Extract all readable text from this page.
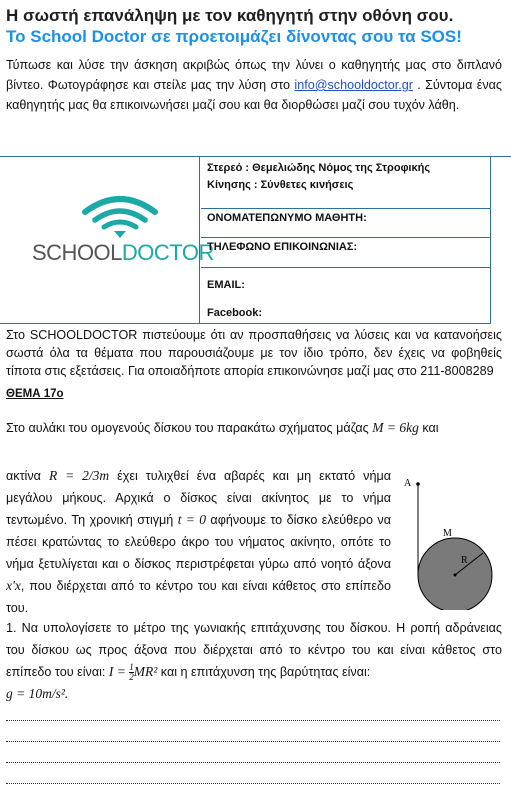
Η σωστή επανάληψη με τον καθηγητή στην οθόνη σου.
To School Doctor σε προετοιμάζει δίνοντας σου τα SOS!
Τύπωσε και λύσε την άσκηση ακριβώς όπως την λύνει ο καθηγητής μας στο διπλανό βίντεο. Φωτογράφησε και στείλε μας την λύση στο info@schooldoctor.gr . Σύντομα ένας καθηγητής μας θα επικοινωνήσει μαζί σου και θα διορθώσει μαζί σου τυχόν λάθη.
SCHOOLDOCTOR
Στερεό : Θεμελιώδης Νόμος της Στροφικής
Κίνησης : Σύνθετες κινήσεις
ΟΝΟΜΑΤΕΠΩΝΥΜΟ ΜΑΘΗΤΗ:
ΤΗΛΕΦΩΝΟ ΕΠΙΚΟΙΝΩΝΙΑΣ:
EMAIL:
Facebook:
Στο SCHOOLDOCTOR πιστεύουμε ότι αν προσπαθήσεις να λύσεις και να κατανοήσεις σωστά όλα τα θέματα που παρουσιάζουμε με τον ίδιο τρόπο, δεν έχεις να φοβηθείς τίποτα στις εξετάσεις. Για οποιαδήποτε απορία επικοινώνησε μαζί μας στο 211-8008289
ΘΕΜΑ 17ο
Στο αυλάκι του ομογενούς δίσκου του παρακάτω σχήματος μάζας M = 6kg και
ακτίνα R = 2/3m έχει τυλιχθεί ένα αβαρές και μη εκτατό νήμα μεγάλου μήκους. Αρχικά ο δίσκος είναι ακίνητος με το νήμα τεντωμένο. Τη χρονική στιγμή t = 0 αφήνουμε το δίσκο ελεύθερο να πέσει κρατώντας το ελεύθερο άκρο του νήματος ακίνητο, οπότε το νήμα ξετυλίγεται και ο δίσκος περιστρέφεται γύρω από νοητό άξονα x'x, που διέρχεται από το κέντρο του και είναι κάθετος στο επίπεδο του.
Α
Μ
R
1. Να υπολογίσετε το μέτρο της γωνιακής επιτάχυνσης του δίσκου. Η ροπή αδράνειας του δίσκου ως προς άξονα που διέρχεται από το κέντρο του και είναι κάθετος στο επίπεδο του είναι: $I = \frac{1}{2} MR^2$ και η επιτάχυνση της βαρύτητας είναι:
g = 10m/s².
